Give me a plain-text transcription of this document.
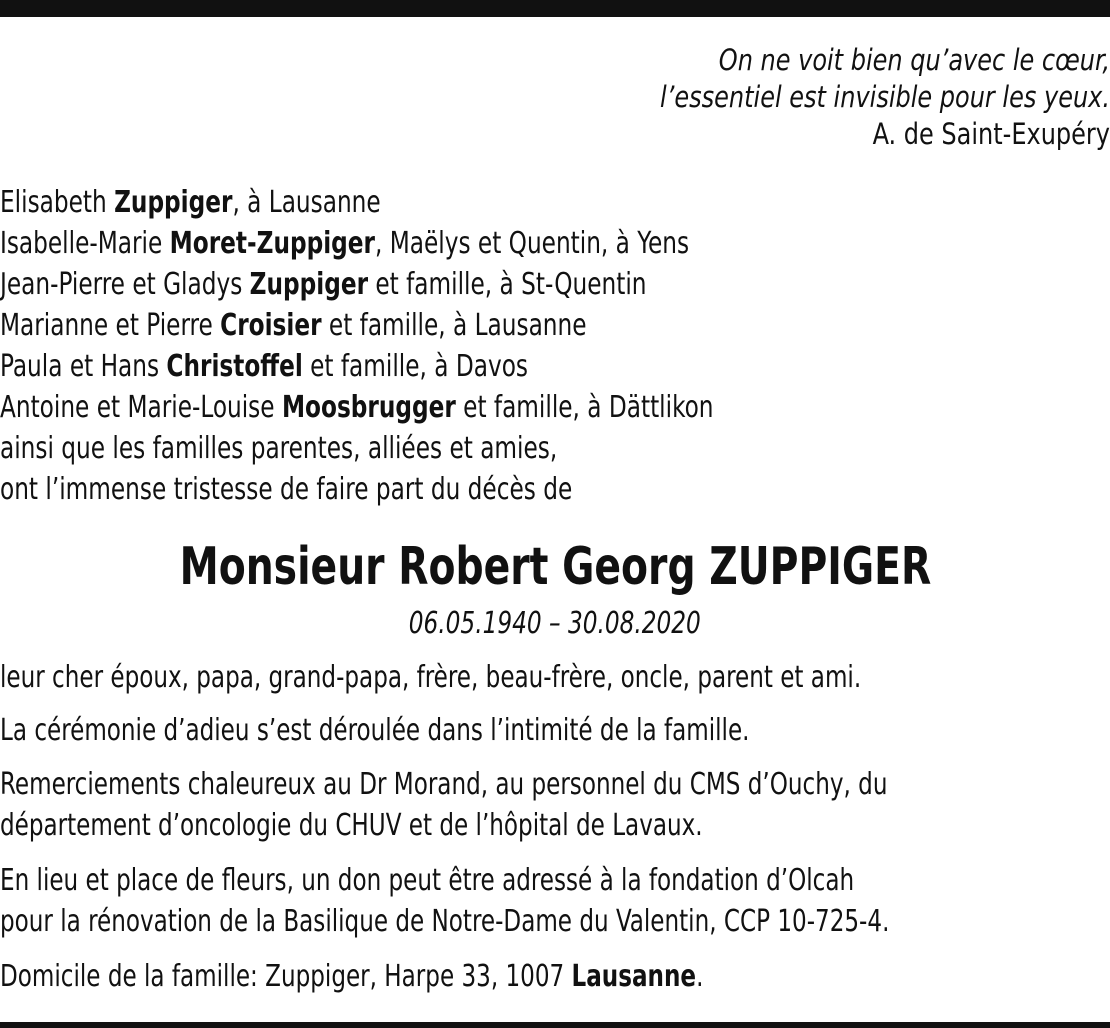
On ne voit bien qu’avec le cœur,
l’essentiel est invisible pour les yeux.
A. de Saint-Exupéry
Elisabeth Zuppiger, à Lausanne
Isabelle-Marie Moret-Zuppiger, Maëlys et Quentin, à Yens
Jean-Pierre et Gladys Zuppiger et famille, à St-Quentin
Marianne et Pierre Croisier et famille, à Lausanne
Paula et Hans Christoffel et famille, à Davos
Antoine et Marie-Louise Moosbrugger et famille, à Dättlikon
ainsi que les familles parentes, alliées et amies,
ont l’immense tristesse de faire part du décès de
Monsieur Robert Georg ZUPPIGER
06.05.1940 – 30.08.2020
leur cher époux, papa, grand-papa, frère, beau-frère, oncle, parent et ami.
La cérémonie d’adieu s’est déroulée dans l’intimité de la famille.
Remerciements chaleureux au Dr Morand, au personnel du CMS d’Ouchy, du
département d’oncologie du CHUV et de l’hôpital de Lavaux.
En lieu et place de fleurs, un don peut être adressé à la fondation d’Olcah
pour la rénovation de la Basilique de Notre-Dame du Valentin, CCP 10-725-4.
Domicile de la famille: Zuppiger, Harpe 33, 1007 Lausanne.
